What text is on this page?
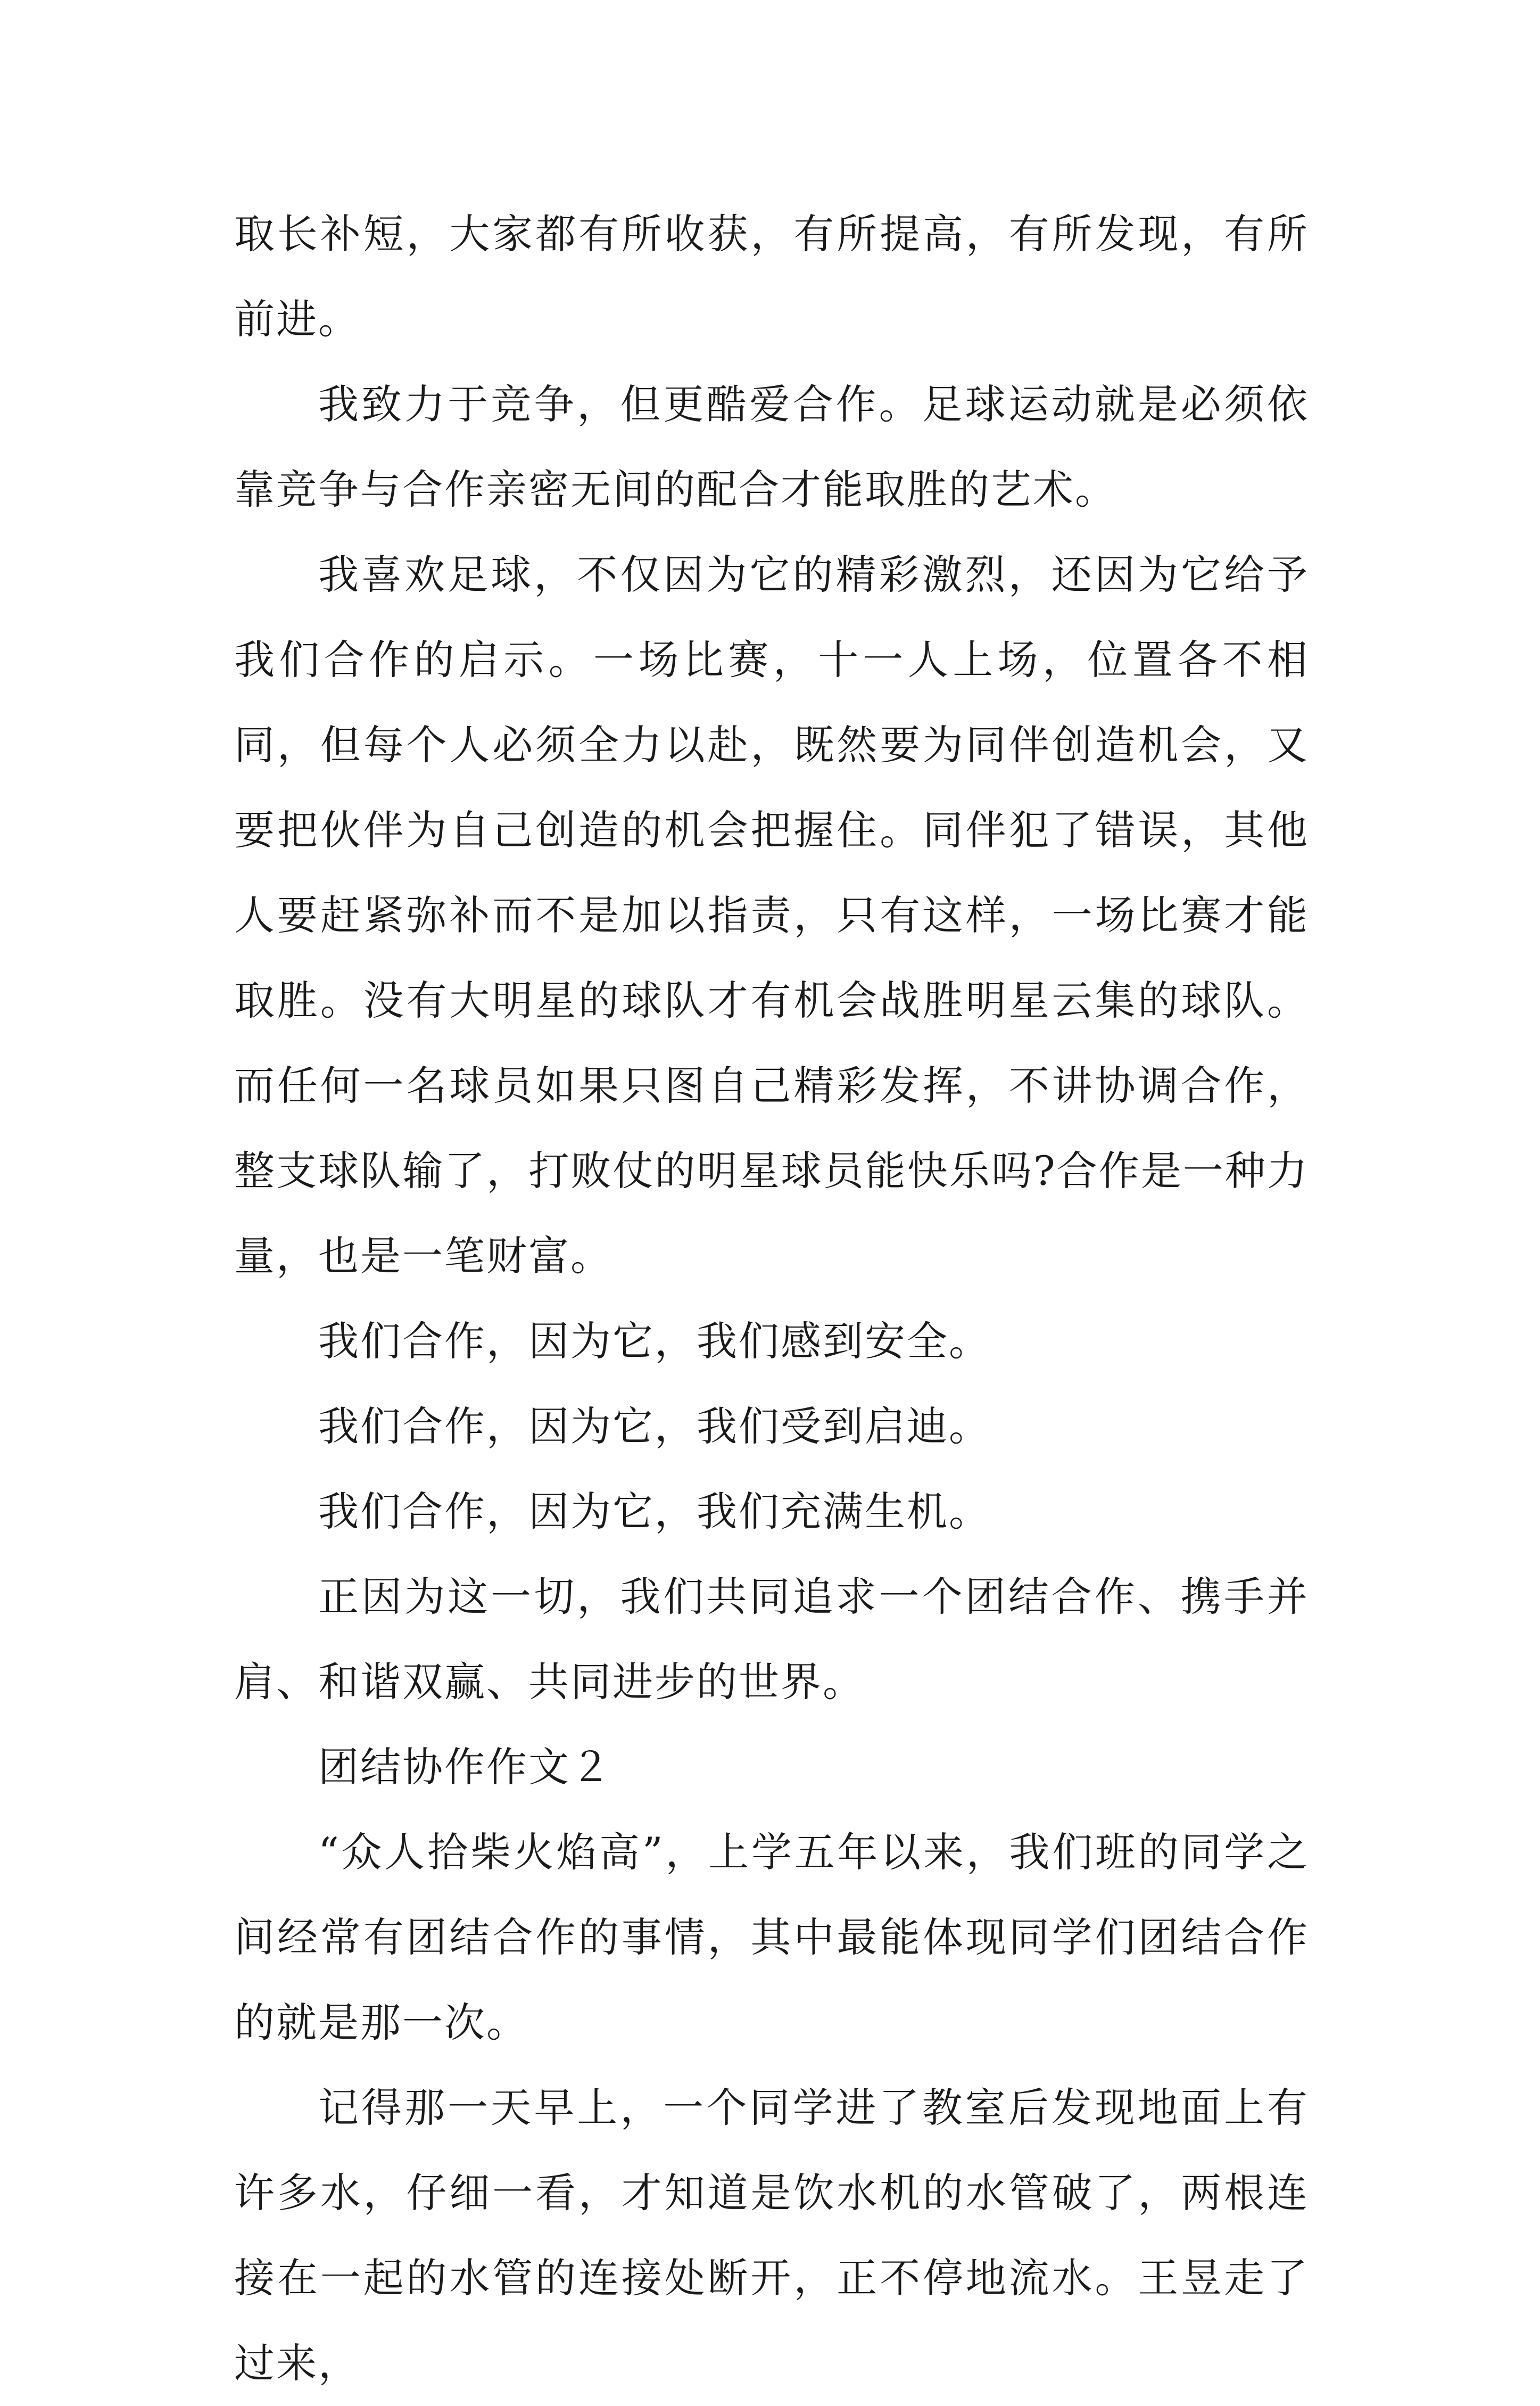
取长补短，大家都有所收获，有所提高，有所发现，有所前进。

我致力于竞争，但更酷爱合作。足球运动就是必须依靠竞争与合作亲密无间的配合才能取胜的艺术。

我喜欢足球，不仅因为它的精彩激烈，还因为它给予我们合作的启示。一场比赛，十一人上场，位置各不相同，但每个人必须全力以赴，既然要为同伴创造机会，又要把伙伴为自己创造的机会把握住。同伴犯了错误，其他人要赶紧弥补而不是加以指责，只有这样，一场比赛才能取胜。没有大明星的球队才有机会战胜明星云集的球队。而任何一名球员如果只图自己精彩发挥，不讲协调合作，整支球队输了，打败仗的明星球员能快乐吗?合作是一种力量，也是一笔财富。

我们合作，因为它，我们感到安全。

我们合作，因为它，我们受到启迪。

我们合作，因为它，我们充满生机。

正因为这一切，我们共同追求一个团结合作、携手并肩、和谐双赢、共同进步的世界。

团结协作作文２

“众人拾柴火焰高”，上学五年以来，我们班的同学之间经常有团结合作的事情，其中最能体现同学们团结合作的就是那一次。

记得那一天早上，一个同学进了教室后发现地面上有许多水，仔细一看，才知道是饮水机的水管破了，两根连接在一起的水管的连接处断开，正不停地流水。王昱走了过来，
